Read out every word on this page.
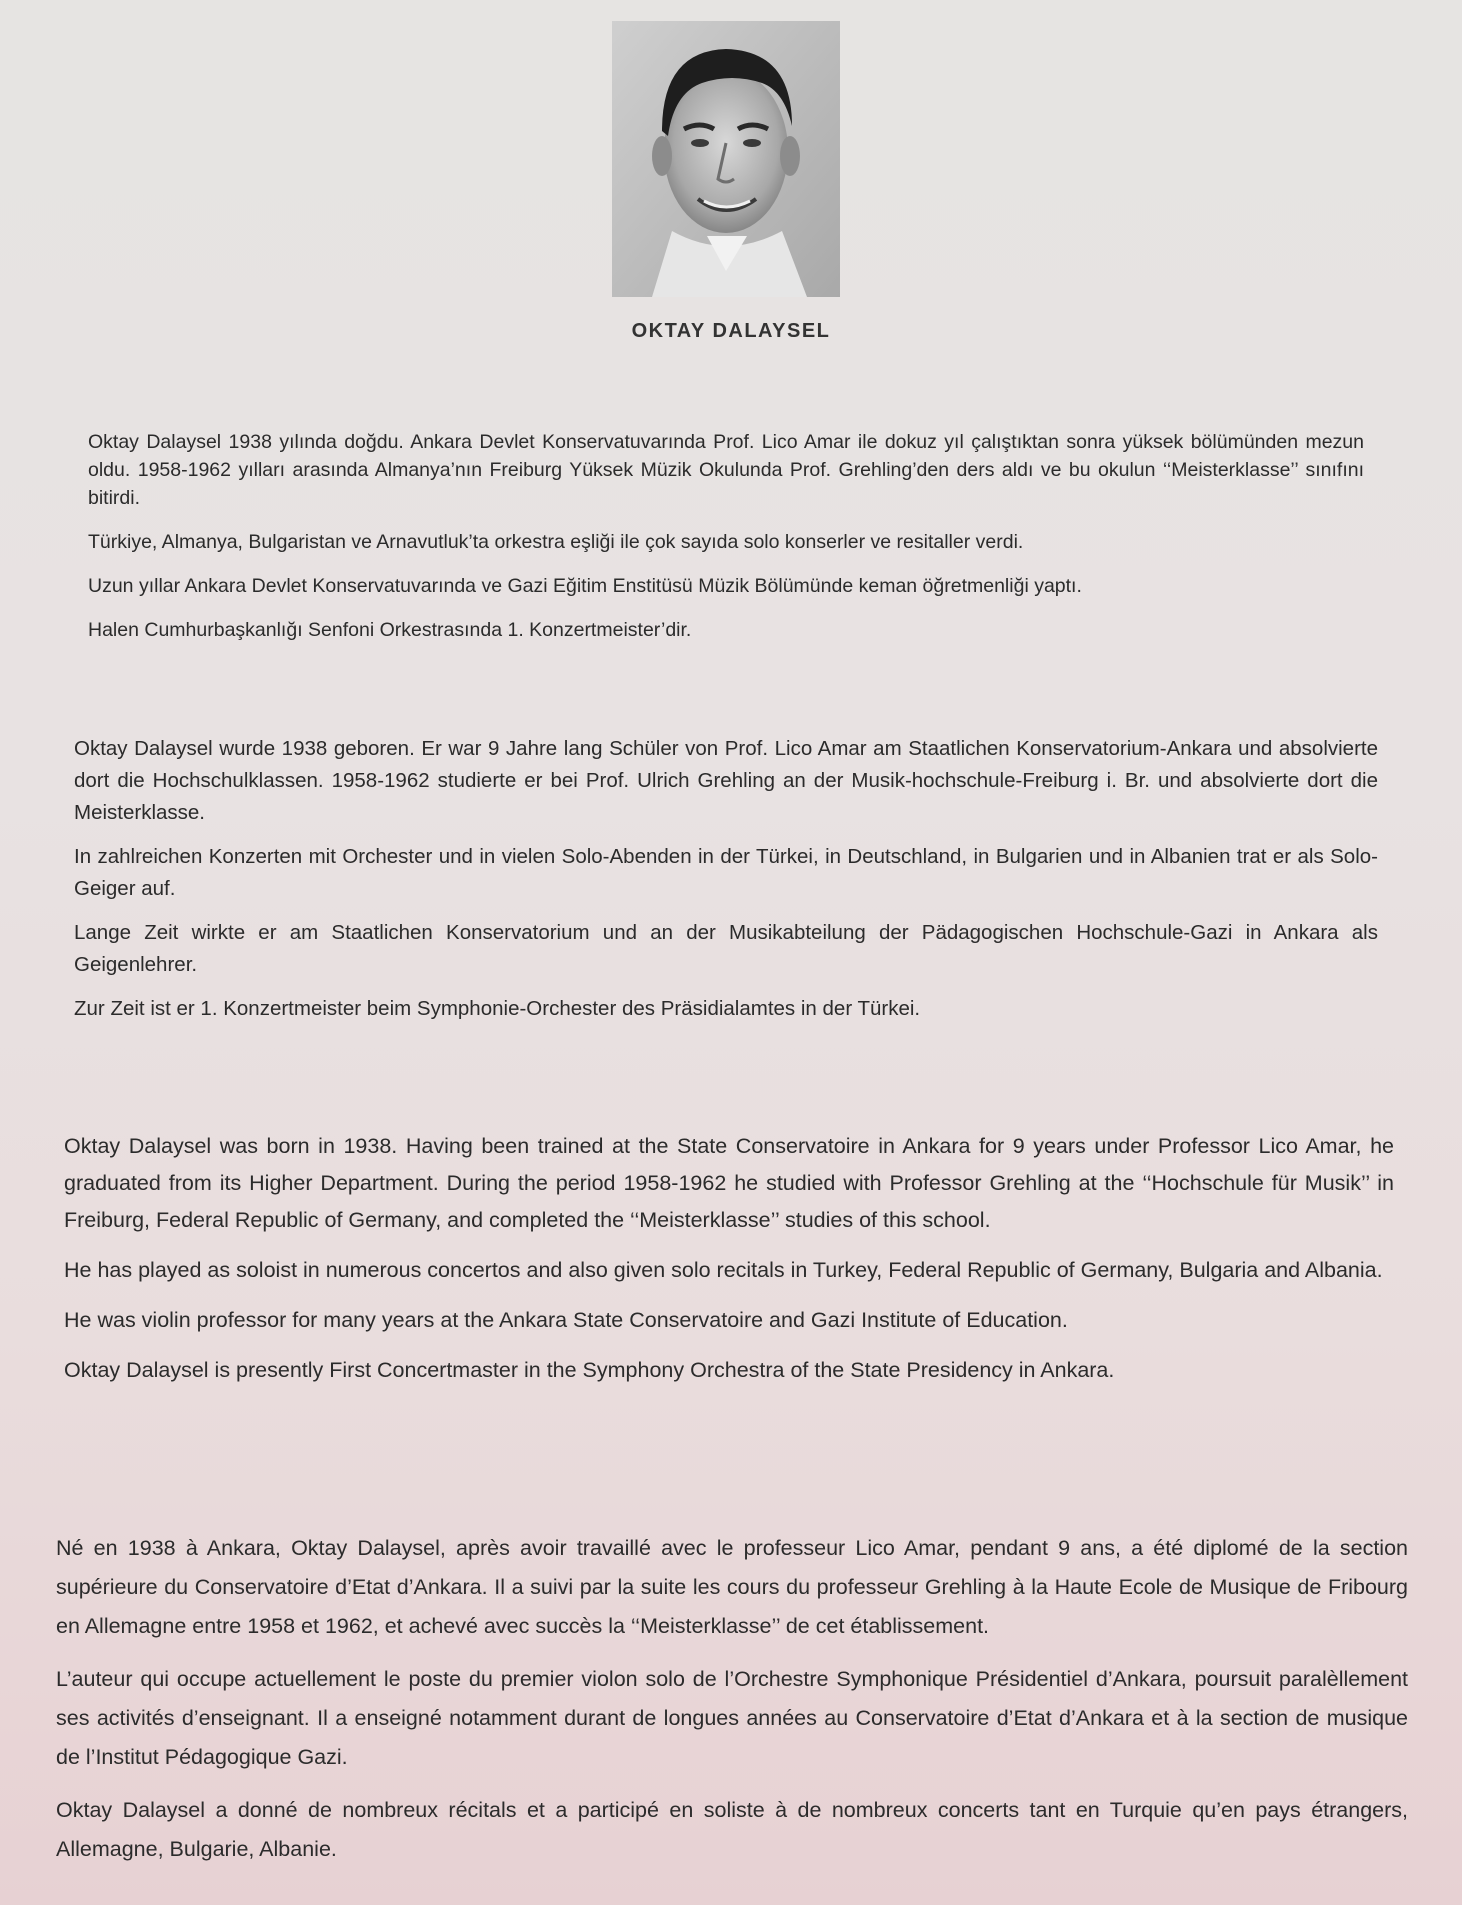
OKTAY DALAYSEL

Oktay Dalaysel 1938 yılında doğdu. Ankara Devlet Konservatuvarında Prof. Lico Amar ile dokuz yıl çalıştıktan sonra yüksek bölümünden mezun oldu. 1958-1962 yılları arasında Almanya’nın Freiburg Yüksek Müzik Okulunda Prof. Grehling’den ders aldı ve bu okulun ‘‘Meisterklasse’’ sınıfını bitirdi.

Türkiye, Almanya, Bulgaristan ve Arnavutluk’ta orkestra eşliği ile çok sayıda solo konserler ve resitaller verdi.

Uzun yıllar Ankara Devlet Konservatuvarında ve Gazi Eğitim Enstitüsü Müzik Bölümünde keman öğretmenliği yaptı.

Halen Cumhurbaşkanlığı Senfoni Orkestrasında 1. Konzertmeister’dir.

Oktay Dalaysel wurde 1938 geboren. Er war 9 Jahre lang Schüler von Prof. Lico Amar am Staatlichen Konservatorium-Ankara und absolvierte dort die Hochschulklassen. 1958-1962 studierte er bei Prof. Ulrich Grehling an der Musik-hochschule-Freiburg i. Br. und absolvierte dort die Meisterklasse.

In zahlreichen Konzerten mit Orchester und in vielen Solo-Abenden in der Türkei, in Deutschland, in Bulgarien und in Albanien trat er als Solo-Geiger auf.

Lange Zeit wirkte er am Staatlichen Konservatorium und an der Musikabteilung der Pädagogischen Hochschule-Gazi in Ankara als Geigenlehrer.

Zur Zeit ist er 1. Konzertmeister beim Symphonie-Orchester des Präsidialamtes in der Türkei.

Oktay Dalaysel was born in 1938. Having been trained at the State Conservatoire in Ankara for 9 years under Professor Lico Amar, he graduated from its Higher Department. During the period 1958-1962 he studied with Professor Grehling at the ‘‘Hochschule für Musik’’ in Freiburg, Federal Republic of Germany, and completed the ‘‘Meisterklasse’’ studies of this school.

He has played as soloist in numerous concertos and also given solo recitals in Turkey, Federal Republic of Germany, Bulgaria and Albania.

He was violin professor for many years at the Ankara State Conservatoire and Gazi Institute of Education.

Oktay Dalaysel is presently First Concertmaster in the Symphony Orchestra of the State Presidency in Ankara.

Né en 1938 à Ankara, Oktay Dalaysel, après avoir travaillé avec le professeur Lico Amar, pendant 9 ans, a été diplomé de la section supérieure du Conservatoire d’Etat d’Ankara. Il a suivi par la suite les cours du professeur Grehling à la Haute Ecole de Musique de Fribourg en Allemagne entre 1958 et 1962, et achevé avec succès la ‘‘Meisterklasse’’ de cet établissement.

L’auteur qui occupe actuellement le poste du premier violon solo de l’Orchestre Symphonique Présidentiel d’Ankara, poursuit paralèllement ses activités d’enseignant. Il a enseigné notamment durant de longues années au Conservatoire d’Etat d’Ankara et à la section de musique de l’Institut Pédagogique Gazi.

Oktay Dalaysel a donné de nombreux récitals et a participé en soliste à de nombreux concerts tant en Turquie qu’en pays étrangers, Allemagne, Bulgarie, Albanie.
